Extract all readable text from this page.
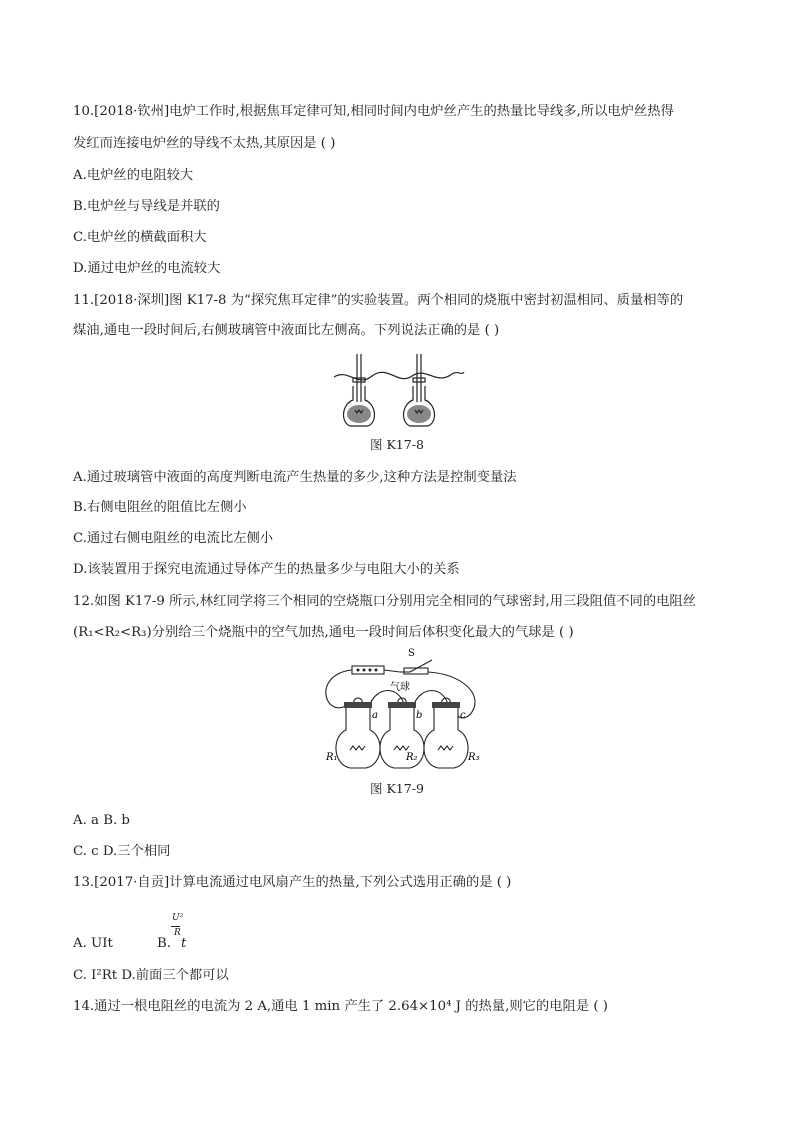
10.[2018·钦州]电炉工作时,根据焦耳定律可知,相同时间内电炉丝产生的热量比导线多,所以电炉丝热得
发红而连接电炉丝的导线不太热,其原因是 ( )
A.电炉丝的电阻较大
B.电炉丝与导线是并联的
C.电炉丝的横截面积大
D.通过电炉丝的电流较大
11.[2018·深圳]图 K17-8 为“探究焦耳定律”的实验装置。两个相同的烧瓶中密封初温相同、质量相等的
煤油,通电一段时间后,右侧玻璃管中液面比左侧高。下列说法正确的是 ( )
图 K17-8
A.通过玻璃管中液面的高度判断电流产生热量的多少,这种方法是控制变量法
B.右侧电阻丝的阻值比左侧小
C.通过右侧电阻丝的电流比左侧小
D.该装置用于探究电流通过导体产生的热量多少与电阻大小的关系
12.如图 K17-9 所示,林红同学将三个相同的空烧瓶口分别用完全相同的气球密封,用三段阻值不同的电阻丝
(R₁<R₂<R₃)分别给三个烧瓶中的空气加热,通电一段时间后体积变化最大的气球是 ( )
S
气球
a	b	c
R₁	R₂	R₃
图 K17-9
A. a B. b
C. c D.三个相同
13.[2017·自贡]计算电流通过电风扇产生的热量,下列公式选用正确的是 ( )
A. UIt	B.
U²
R
t
C. I²Rt D.前面三个都可以
14.通过一根电阻丝的电流为 2 A,通电 1 min 产生了 2.64×10⁴ J 的热量,则它的电阻是 ( )
